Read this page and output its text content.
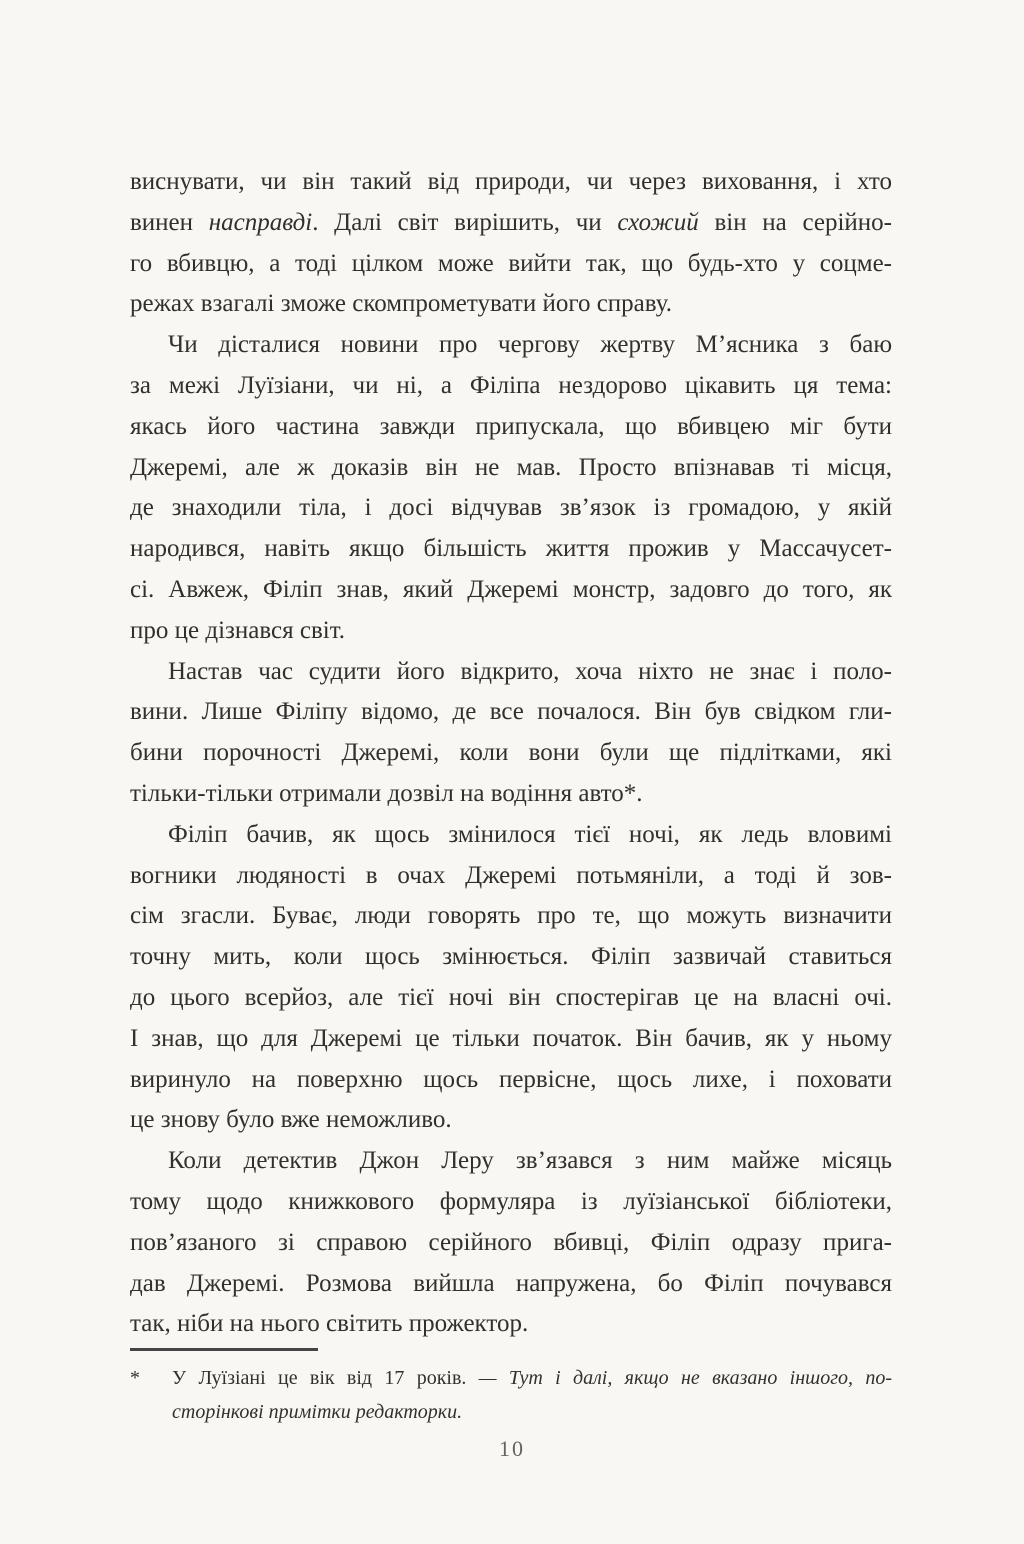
виснувати, чи він такий від природи, чи через виховання, і хто
винен насправді. Далі світ вирішить, чи схожий він на серійно-
го вбивцю, а тоді цілком може вийти так, що будь-хто у соцме-
режах взагалі зможе скомпрометувати його справу.
Чи дісталися новини про чергову жертву М’ясника з баю
за межі Луїзіани, чи ні, а Філіпа нездорово цікавить ця тема:
якась його частина завжди припускала, що вбивцею міг бути
Джеремі, але ж доказів він не мав. Просто впізнавав ті місця,
де знаходили тіла, і досі відчував зв’язок із громадою, у якій
народився, навіть якщо більшість життя прожив у Массачусет-
сі. Авжеж, Філіп знав, який Джеремі монстр, задовго до того, як
про це дізнався світ.
Настав час судити його відкрито, хоча ніхто не знає і поло-
вини. Лише Філіпу відомо, де все почалося. Він був свідком гли-
бини порочності Джеремі, коли вони були ще підлітками, які
тільки-тільки отримали дозвіл на водіння авто*.
Філіп бачив, як щось змінилося тієї ночі, як ледь вловимі
вогники людяності в очах Джеремі потьмяніли, а тоді й зов-
сім згасли. Буває, люди говорять про те, що можуть визначити
точну мить, коли щось змінюється. Філіп зазвичай ставиться
до цього всерйоз, але тієї ночі він спостерігав це на власні очі.
І знав, що для Джеремі це тільки початок. Він бачив, як у ньому
виринуло на поверхню щось первісне, щось лихе, і поховати
це знову було вже неможливо.
Коли детектив Джон Леру зв’язався з ним майже місяць
тому щодо книжкового формуляра із луїзіанської бібліотеки,
пов’язаного зі справою серійного вбивці, Філіп одразу прига-
дав Джеремі. Розмова вийшла напружена, бо Філіп почувався
так, ніби на нього світить прожектор.
*	У Луїзіані це вік від 17 років. — Тут і далі, якщо не вказано іншого, по-
сторінкові примітки редакторки.
10
